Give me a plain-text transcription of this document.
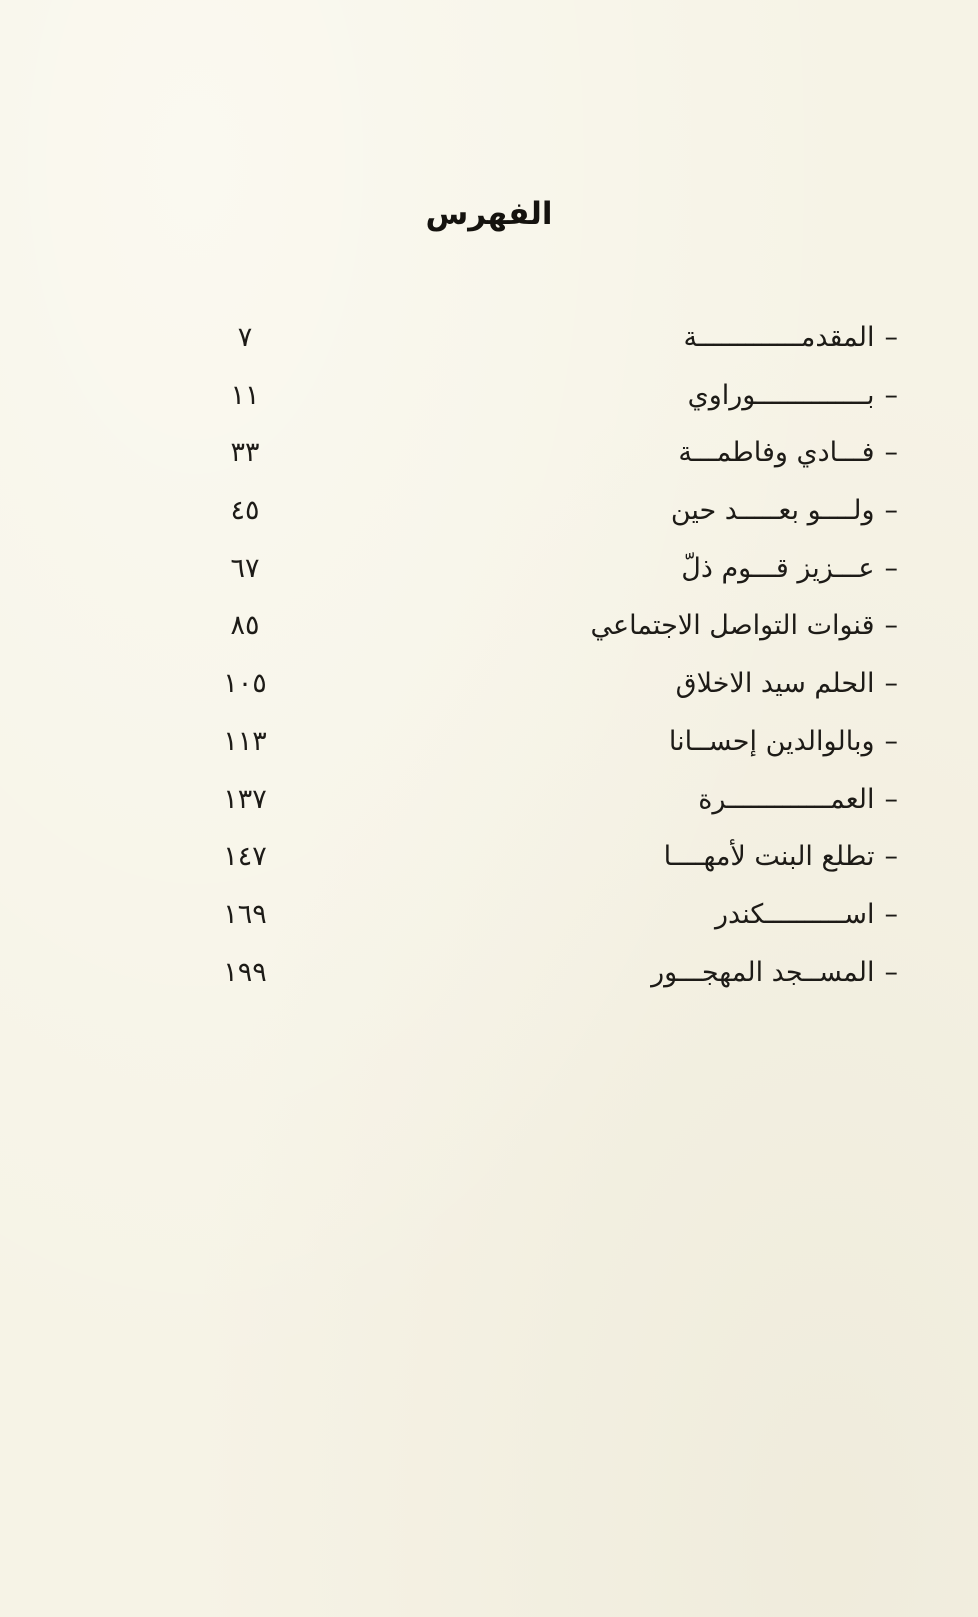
الفهرس
–المقدمـــــــــــــة
٧
–بــــــــــــــوراوي
١١
–فـــادي وفاطمـــة
٣٣
–ولــــو بعـــــد حين
٤٥
–عـــزيز قـــوم ذلّ
٦٧
–قنوات التواصل الاجتماعي
٨٥
–الحلم سيد الاخلاق
١٠٥
–وبالوالدين إحســانا
١١٣
–العمـــــــــــــرة
١٣٧
–تطلع البنت لأمهــــا
١٤٧
–اســــــــــكندر
١٦٩
–المســجد المهجـــور
١٩٩
